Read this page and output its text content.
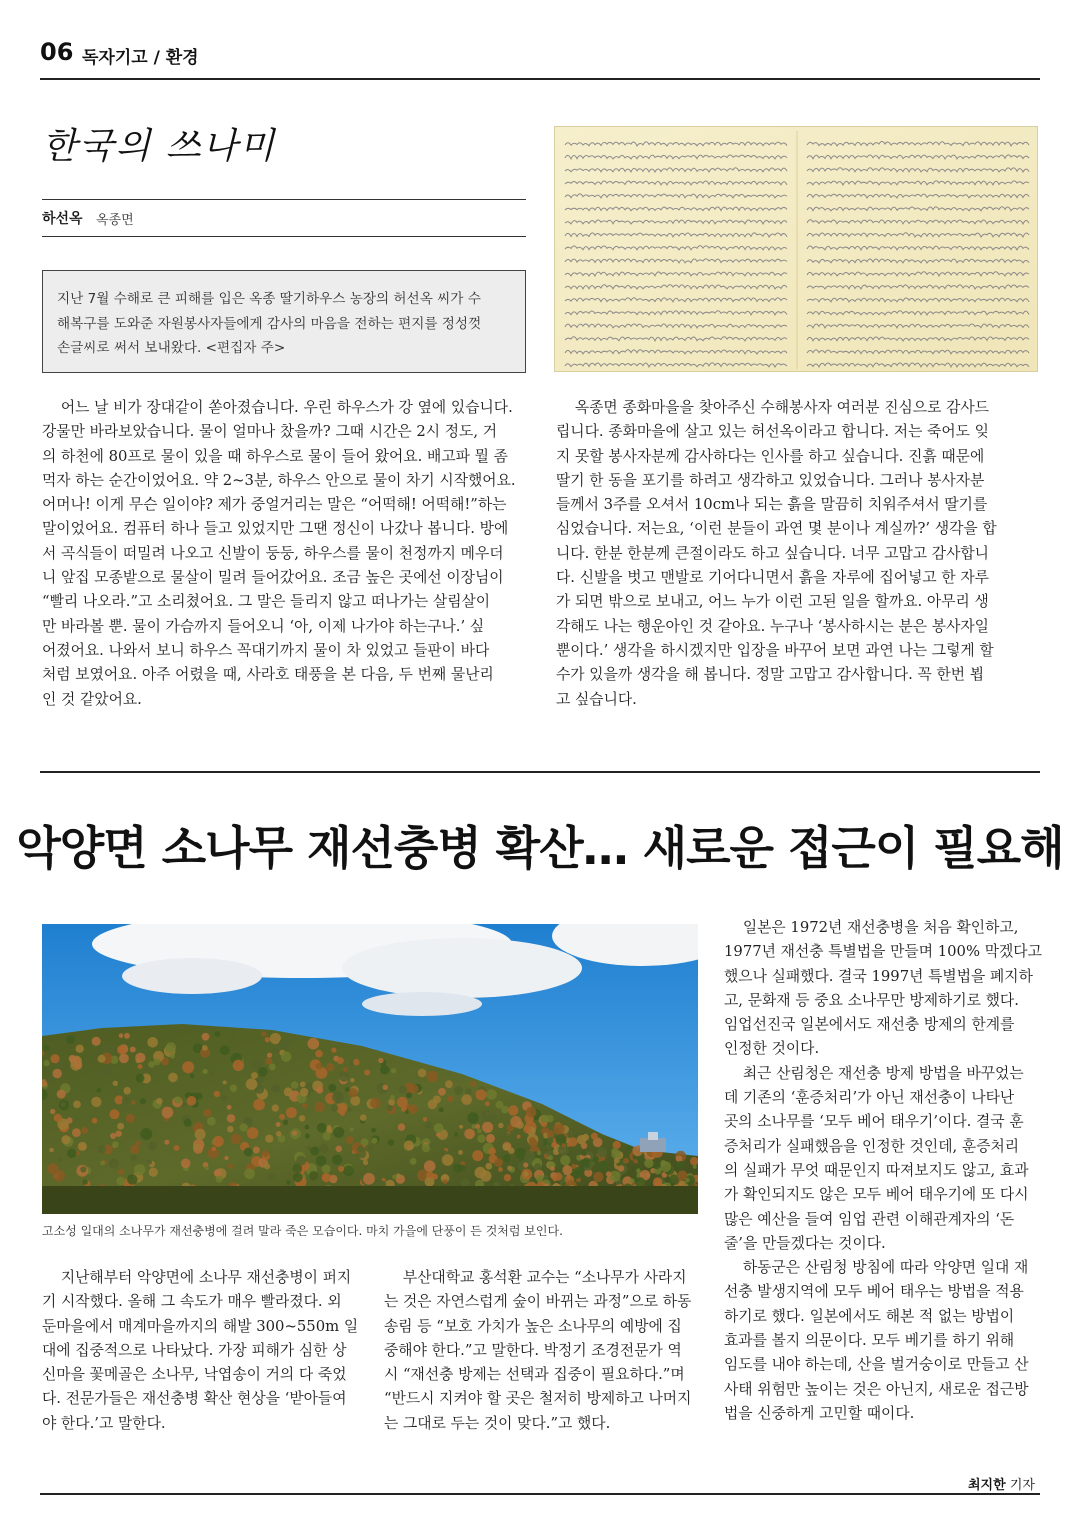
06 독자기고 / 환경
한국의 쓰나미
하선옥 옥종면
지난 7월 수해로 큰 피해를 입은 옥종 딸기하우스 농장의 허선옥 씨가 수
해복구를 도와준 자원봉사자들에게 감사의 마음을 전하는 편지를 정성껏
손글씨로 써서 보내왔다. <편집자 주>
어느 날 비가 장대같이 쏟아졌습니다. 우린 하우스가 강 옆에 있습니다.
강물만 바라보았습니다. 물이 얼마나 찼을까? 그때 시간은 2시 정도, 거
의 하천에 80프로 물이 있을 때 하우스로 물이 들어 왔어요. 배고파 뭘 좀
먹자 하는 순간이었어요. 약 2~3분, 하우스 안으로 물이 차기 시작했어요.
어머나! 이게 무슨 일이야? 제가 중얼거리는 말은 “어떡해! 어떡해!”하는
말이었어요. 컴퓨터 하나 들고 있었지만 그땐 정신이 나갔나 봅니다. 방에
서 곡식들이 떠밀려 나오고 신발이 둥둥, 하우스를 물이 천정까지 메우더
니 앞집 모종밭으로 물살이 밀려 들어갔어요. 조금 높은 곳에선 이장님이
“빨리 나오라.”고 소리쳤어요. 그 말은 들리지 않고 떠나가는 살림살이
만 바라볼 뿐. 물이 가슴까지 들어오니 ‘아, 이제 나가야 하는구나.’ 싶
어졌어요. 나와서 보니 하우스 꼭대기까지 물이 차 있었고 들판이 바다
처럼 보였어요. 아주 어렸을 때, 사라호 태풍을 본 다음, 두 번째 물난리
인 것 같았어요.
옥종면 종화마을을 찾아주신 수해봉사자 여러분 진심으로 감사드
립니다. 종화마을에 살고 있는 허선옥이라고 합니다. 저는 죽어도 잊
지 못할 봉사자분께 감사하다는 인사를 하고 싶습니다. 진흙 때문에
딸기 한 동을 포기를 하려고 생각하고 있었습니다. 그러나 봉사자분
들께서 3주를 오셔서 10cm나 되는 흙을 말끔히 치워주셔서 딸기를
심었습니다. 저는요, ‘이런 분들이 과연 몇 분이나 계실까?’ 생각을 합
니다. 한분 한분께 큰절이라도 하고 싶습니다. 너무 고맙고 감사합니
다. 신발을 벗고 맨발로 기어다니면서 흙을 자루에 집어넣고 한 자루
가 되면 밖으로 보내고, 어느 누가 이런 고된 일을 할까요. 아무리 생
각해도 나는 행운아인 것 같아요. 누구나 ‘봉사하시는 분은 봉사자일
뿐이다.’ 생각을 하시겠지만 입장을 바꾸어 보면 과연 나는 그렇게 할
수가 있을까 생각을 해 봅니다. 정말 고맙고 감사합니다. 꼭 한번 뵙
고 싶습니다.
악양면 소나무 재선충병 확산… 새로운 접근이 필요해
고소성 일대의 소나무가 재선충병에 걸려 말라 죽은 모습이다. 마치 가을에 단풍이 든 것처럼 보인다.
지난해부터 악양면에 소나무 재선충병이 퍼지
기 시작했다. 올해 그 속도가 매우 빨라졌다. 외
둔마을에서 매계마을까지의 해발 300~550m 일
대에 집중적으로 나타났다. 가장 피해가 심한 상
신마을 꽃메골은 소나무, 낙엽송이 거의 다 죽었
다. 전문가들은 재선충병 확산 현상을 ‘받아들여
야 한다.’고 말한다.
부산대학교 홍석환 교수는 “소나무가 사라지
는 것은 자연스럽게 숲이 바뀌는 과정”으로 하동
송림 등 “보호 가치가 높은 소나무의 예방에 집
중해야 한다.”고 말한다. 박정기 조경전문가 역
시 “재선충 방제는 선택과 집중이 필요하다.”며
“반드시 지켜야 할 곳은 철저히 방제하고 나머지
는 그대로 두는 것이 맞다.”고 했다.
일본은 1972년 재선충병을 처음 확인하고,
1977년 재선충 특별법을 만들며 100% 막겠다고
했으나 실패했다. 결국 1997년 특별법을 폐지하
고, 문화재 등 중요 소나무만 방제하기로 했다.
임업선진국 일본에서도 재선충 방제의 한계를
인정한 것이다.
최근 산림청은 재선충 방제 방법을 바꾸었는
데 기존의 ‘훈증처리’가 아닌 재선충이 나타난
곳의 소나무를 ‘모두 베어 태우기’이다. 결국 훈
증처리가 실패했음을 인정한 것인데, 훈증처리
의 실패가 무엇 때문인지 따져보지도 않고, 효과
가 확인되지도 않은 모두 베어 태우기에 또 다시
많은 예산을 들여 임업 관련 이해관계자의 ‘돈
줄’을 만들겠다는 것이다.
하동군은 산림청 방침에 따라 악양면 일대 재
선충 발생지역에 모두 베어 태우는 방법을 적용
하기로 했다. 일본에서도 해본 적 없는 방법이
효과를 볼지 의문이다. 모두 베기를 하기 위해
임도를 내야 하는데, 산을 벌거숭이로 만들고 산
사태 위험만 높이는 것은 아닌지, 새로운 접근방
법을 신중하게 고민할 때이다.
최지한 기자
